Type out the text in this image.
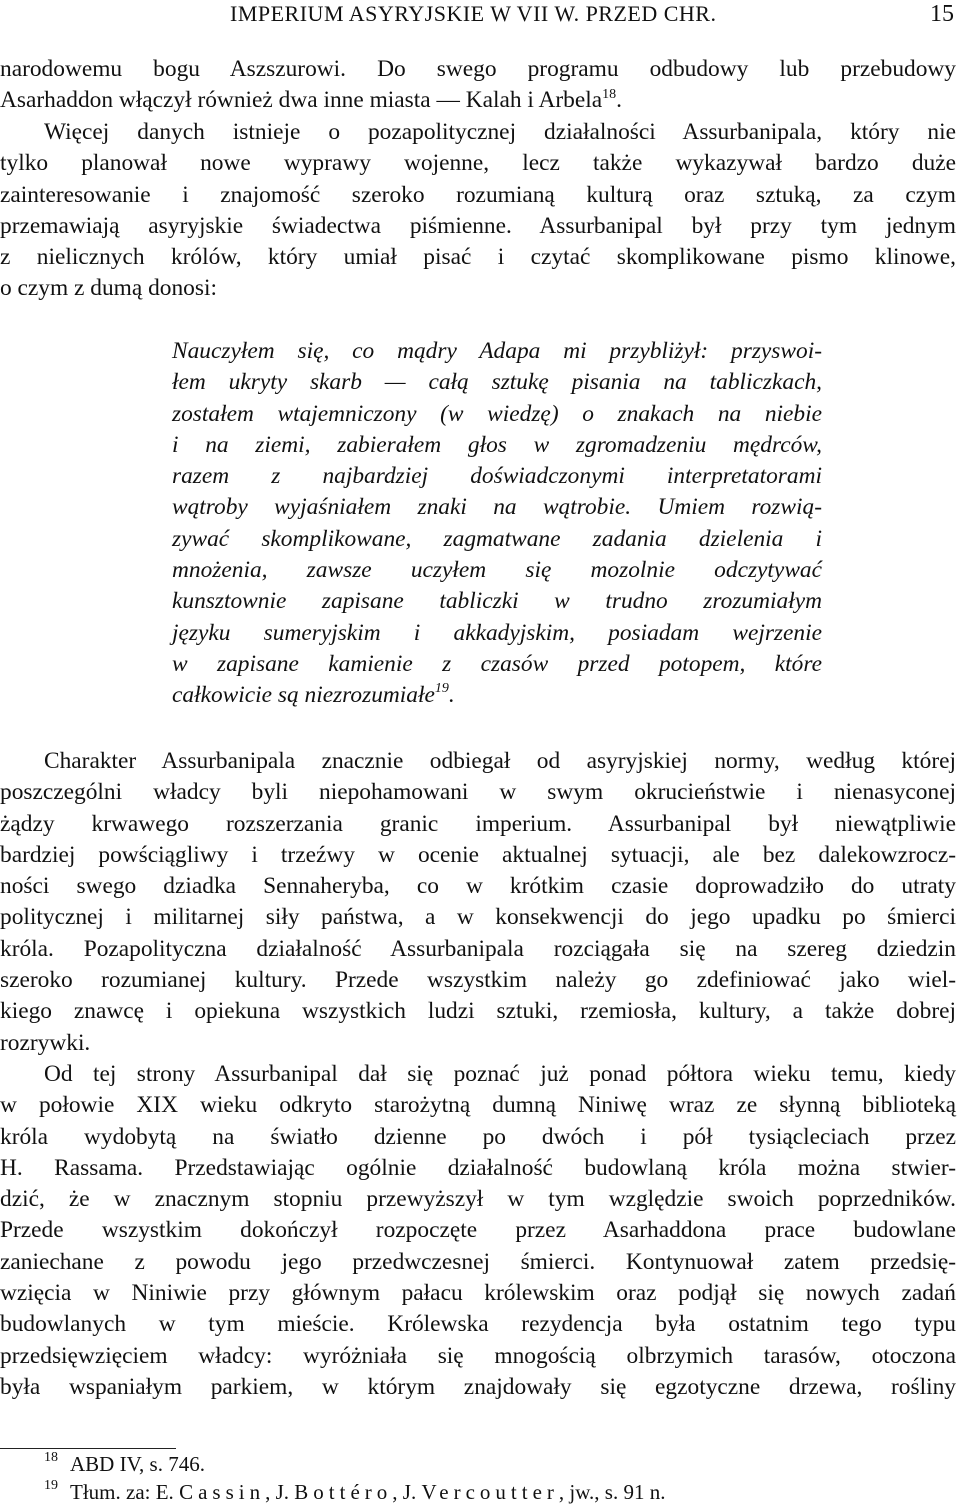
IMPERIUM ASYRYJSKIE W VII W. PRZED CHR.	15
narodowemu bogu Aszszurowi. Do swego programu odbudowy lub przebudowy
Asarhaddon włączył również dwa inne miasta — Kalah i Arbela$^{18}$.
Więcej danych istnieje o pozapolitycznej działalności Assurbanipala, który nie
tylko planował nowe wyprawy wojenne, lecz także wykazywał bardzo duże
zainteresowanie i znajomość szeroko rozumianą kulturą oraz sztuką, za czym
przemawiają asyryjskie świadectwa piśmienne. Assurbanipal był przy tym jednym
z nielicznych królów, który umiał pisać i czytać skomplikowane pismo klinowe,
o czym z dumą donosi:
Nauczyłem się, co mądry Adapa mi przybliżył: przyswoi-
łem ukryty skarb — całą sztukę pisania na tabliczkach,
zostałem wtajemniczony (w wiedzę) o znakach na niebie
i na ziemi, zabierałem głos w zgromadzeniu mędrców,
razem z najbardziej doświadczonymi interpretatorami
wątroby wyjaśniałem znaki na wątrobie. Umiem rozwią-
zywać skomplikowane, zagmatwane zadania dzielenia i
mnożenia, zawsze uczyłem się mozolnie odczytywać
kunsztownie zapisane tabliczki w trudno zrozumiałym
języku sumeryjskim i akkadyjskim, posiadam wejrzenie
w zapisane kamienie z czasów przed potopem, które
całkowicie są niezrozumiałe$^{19}$.
Charakter Assurbanipala znacznie odbiegał od asyryjskiej normy, według której
poszczególni władcy byli niepohamowani w swym okrucieństwie i nienasyconej
żądzy krwawego rozszerzania granic imperium. Assurbanipal był niewątpliwie
bardziej powściągliwy i trzeźwy w ocenie aktualnej sytuacji, ale bez dalekowzrocz-
ności swego dziadka Sennaheryba, co w krótkim czasie doprowadziło do utraty
politycznej i militarnej siły państwa, a w konsekwencji do jego upadku po śmierci
króla. Pozapolityczna działalność Assurbanipala rozciągała się na szereg dziedzin
szeroko rozumianej kultury. Przede wszystkim należy go zdefiniować jako wiel-
kiego znawcę i opiekuna wszystkich ludzi sztuki, rzemiosła, kultury, a także dobrej
rozrywki.
Od tej strony Assurbanipal dał się poznać już ponad półtora wieku temu, kiedy
w połowie XIX wieku odkryto starożytną dumną Niniwę wraz ze słynną biblioteką
króla wydobytą na światło dzienne po dwóch i pół tysiącleciach przez
H. Rassama. Przedstawiając ogólnie działalność budowlaną króla można stwier-
dzić, że w znacznym stopniu przewyższył w tym względzie swoich poprzedników.
Przede wszystkim dokończył rozpoczęte przez Asarhaddona prace budowlane
zaniechane z powodu jego przedwczesnej śmierci. Kontynuował zatem przedsię-
wzięcia w Niniwie przy głównym pałacu królewskim oraz podjął się nowych zadań
budowlanych w tym mieście. Królewska rezydencja była ostatnim tego typu
przedsięwzięciem władcy: wyróżniała się mnogością olbrzymich tarasów, otoczona
była wspaniałym parkiem, w którym znajdowały się egzotyczne drzewa, rośliny
18 ABD IV, s. 746.
19 Tłum. za: E. Cassin, J. Bottéro, J. Vercoutter, jw., s. 91 n.
